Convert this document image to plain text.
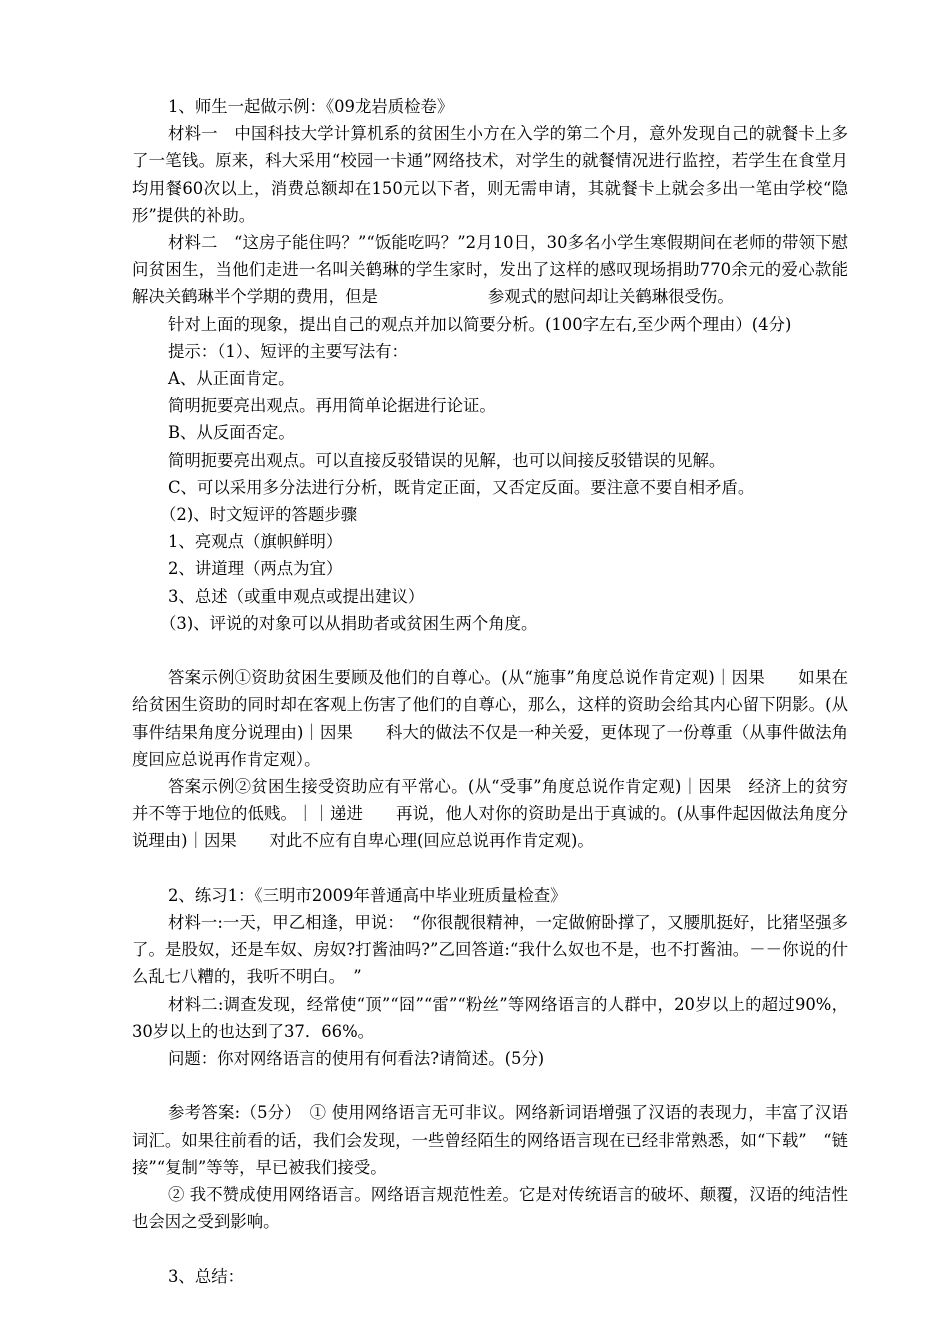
1、师生一起做示例：《09龙岩质检卷》

材料一　中国科技大学计算机系的贫困生小方在入学的第二个月，意外发现自己的就餐卡上多了一笔钱。原来，科大采用“校园一卡通”网络技术，对学生的就餐情况进行监控，若学生在食堂月均用餐60次以上，消费总额却在150元以下者，则无需申请，其就餐卡上就会多出一笔由学校“隐形”提供的补助。

材料二　“这房子能住吗？”“饭能吃吗？”2月10日，30多名小学生寒假期间在老师的带领下慰问贫困生，当他们走进一名叫关鹤琳的学生家时，发出了这样的感叹现场捐助770余元的爱心款能解决关鹤琳半个学期的费用，但是	参观式的慰问却让关鹤琳很受伤。

针对上面的现象，提出自己的观点并加以简要分析。(100字左右,至少两个理由）(4分)

提示：（1）、短评的主要写法有：

A、从正面肯定。

简明扼要亮出观点。再用简单论据进行论证。

B、从反面否定。

简明扼要亮出观点。可以直接反驳错误的见解，也可以间接反驳错误的见解。

C、可以采用多分法进行分析，既肯定正面，又否定反面。要注意不要自相矛盾。

（2)、时文短评的答题步骤

1、亮观点（旗帜鲜明）

2、讲道理（两点为宜）

3、总述（或重申观点或提出建议）

（3)、评说的对象可以从捐助者或贫困生两个角度。

答案示例①资助贫困生要顾及他们的自尊心。(从“施事”角度总说作肯定观)｜因果　　如果在给贫困生资助的同时却在客观上伤害了他们的自尊心，那么，这样的资助会给其内心留下阴影。(从事件结果角度分说理由)｜因果　　科大的做法不仅是一种关爱，更体现了一份尊重（从事件做法角度回应总说再作肯定观）。

答案示例②贫困生接受资助应有平常心。(从“受事”角度总说作肯定观)｜因果　经济上的贫穷并不等于地位的低贱。｜｜递进　　再说，他人对你的资助是出于真诚的。(从事件起因做法角度分说理由)｜因果　　对此不应有自卑心理(回应总说再作肯定观)。

2、练习1：《三明市2009年普通高中毕业班质量检查》

材料一:一天，甲乙相逢，甲说：　“你很靓很精神，一定做俯卧撑了，又腰肌挺好，比猪坚强多了。是股奴，还是车奴、房奴?打酱油吗?”乙回答道:“我什么奴也不是，也不打酱油。－－你说的什么乱七八糟的，我听不明白。　”

材料二:调查发现，经常使“顶”“囧”“雷”“粉丝”等网络语言的人群中，20岁以上的超过90%，30岁以上的也达到了37．66%。

问题：你对网络语言的使用有何看法?请简述。(5分)

参考答案:（5分）　① 使用网络语言无可非议。网络新词语增强了汉语的表现力，丰富了汉语词汇。如果往前看的话，我们会发现，一些曾经陌生的网络语言现在已经非常熟悉，如“下载”　“链接”“复制”等等，早已被我们接受。

② 我不赞成使用网络语言。网络语言规范性差。它是对传统语言的破坏、颠覆，汉语的纯洁性也会因之受到影响。

3、总结：
